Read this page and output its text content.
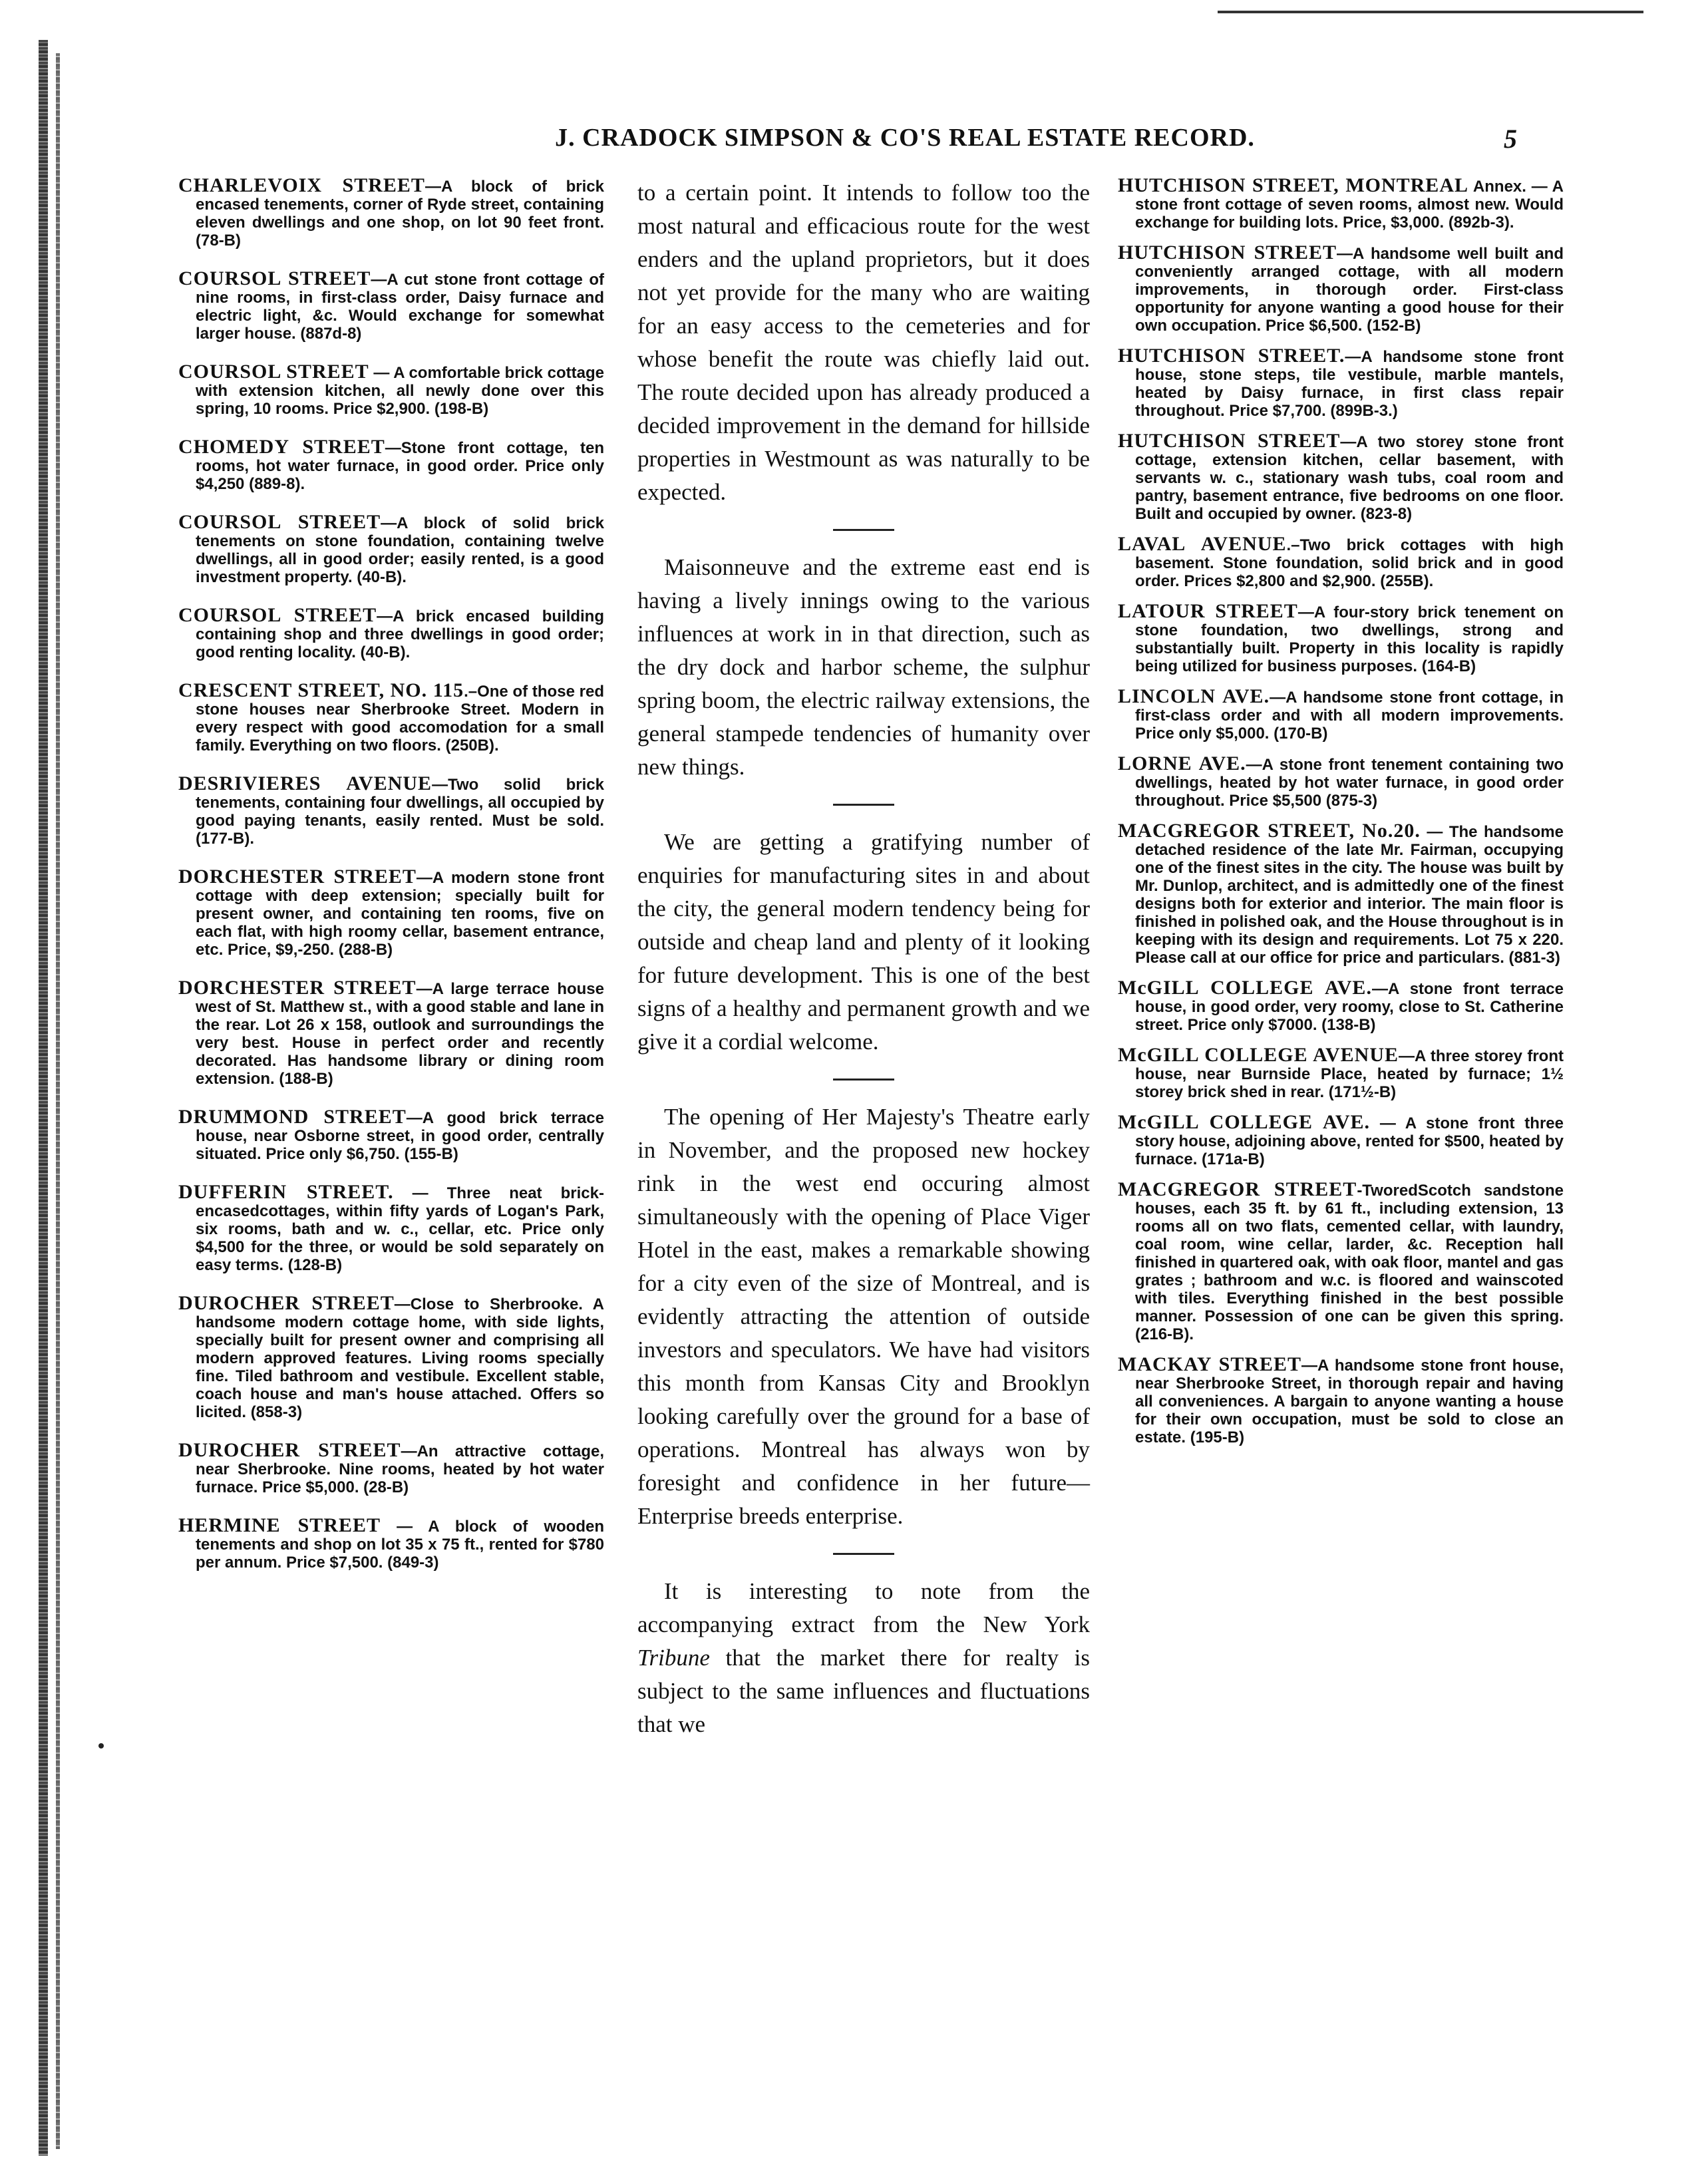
J. CRADOCK SIMPSON & CO'S REAL ESTATE RECORD.	5
CHARLEVOIX STREET—A block of brick encased tenements, corner of Ryde street, containing eleven dwellings and one shop, on lot 90 feet front. (78-B)
COURSOL STREET—A cut stone front cottage of nine rooms, in first-class order, Daisy furnace and electric light, &c. Would exchange for somewhat larger house. (887d-8)
COURSOL STREET — A comfortable brick cottage with extension kitchen, all newly done over this spring, 10 rooms. Price $2,900. (198-B)
CHOMEDY STREET—Stone front cottage, ten rooms, hot water furnace, in good order. Price only $4,250 (889-8).
COURSOL STREET—A block of solid brick tenements on stone foundation, containing twelve dwellings, all in good order; easily rented, is a good investment property. (40-B).
COURSOL STREET—A brick encased building containing shop and three dwellings in good order; good renting locality. (40-B).
CRESCENT STREET, NO. 115.–One of those red stone houses near Sherbrooke Street. Modern in every respect with good accomodation for a small family. Everything on two floors. (250B).
DESRIVIERES AVENUE—Two solid brick tenements, containing four dwellings, all occupied by good paying tenants, easily rented. Must be sold. (177-B).
DORCHESTER STREET—A modern stone front cottage with deep extension; specially built for present owner, and containing ten rooms, five on each flat, with high roomy cellar, basement entrance, etc. Price, $9,-250. (288-B)
DORCHESTER STREET—A large terrace house west of St. Matthew st., with a good stable and lane in the rear. Lot 26 x 158, outlook and surroundings the very best. House in perfect order and recently decorated. Has handsome library or dining room extension. (188-B)
DRUMMOND STREET—A good brick terrace house, near Osborne street, in good order, centrally situated. Price only $6,750. (155-B)
DUFFERIN STREET. — Three neat brick-encasedcottages, within fifty yards of Logan's Park, six rooms, bath and w. c., cellar, etc. Price only $4,500 for the three, or would be sold separately on easy terms. (128-B)
DUROCHER STREET—Close to Sherbrooke. A handsome modern cottage home, with side lights, specially built for present owner and comprising all modern approved features. Living rooms specially fine. Tiled bathroom and vestibule. Excellent stable, coach house and man's house attached. Offers so licited. (858-3)
DUROCHER STREET—An attractive cottage, near Sherbrooke. Nine rooms, heated by hot water furnace. Price $5,000. (28-B)
HERMINE STREET — A block of wooden tenements and shop on lot 35 x 75 ft., rented for $780 per annum. Price $7,500. (849-3)
to a certain point. It intends to follow too the most natural and efficacious route for the west enders and the upland proprietors, but it does not yet provide for the many who are waiting for an easy access to the cemeteries and for whose benefit the route was chiefly laid out. The route decided upon has already produced a decided improvement in the demand for hillside properties in Westmount as was naturally to be expected.
Maisonneuve and the extreme east end is having a lively innings owing to the various influences at work in in that direction, such as the dry dock and harbor scheme, the sulphur spring boom, the electric railway extensions, the general stampede tendencies of humanity over new things.
We are getting a gratifying number of enquiries for manufacturing sites in and about the city, the general modern tendency being for outside and cheap land and plenty of it looking for future development. This is one of the best signs of a healthy and permanent growth and we give it a cordial welcome.
The opening of Her Majesty's Theatre early in November, and the proposed new hockey rink in the west end occuring almost simultaneously with the opening of Place Viger Hotel in the east, makes a remarkable showing for a city even of the size of Montreal, and is evidently attracting the attention of outside investors and speculators. We have had visitors this month from Kansas City and Brooklyn looking carefully over the ground for a base of operations. Montreal has always won by foresight and confidence in her future—Enterprise breeds enterprise.
It is interesting to note from the accompanying extract from the New York Tribune that the market there for realty is subject to the same influences and fluctuations that we
HUTCHISON STREET, MONTREAL Annex. — A stone front cottage of seven rooms, almost new. Would exchange for building lots. Price, $3,000. (892b-3).
HUTCHISON STREET—A handsome well built and conveniently arranged cottage, with all modern improvements, in thorough order. First-class opportunity for anyone wanting a good house for their own occupation. Price $6,500. (152-B)
HUTCHISON STREET.—A handsome stone front house, stone steps, tile vestibule, marble mantels, heated by Daisy furnace, in first class repair throughout. Price $7,700. (899B-3.)
HUTCHISON STREET—A two storey stone front cottage, extension kitchen, cellar basement, with servants w. c., stationary wash tubs, coal room and pantry, basement entrance, five bedrooms on one floor. Built and occupied by owner. (823-8)
LAVAL AVENUE.–Two brick cottages with high basement. Stone foundation, solid brick and in good order. Prices $2,800 and $2,900. (255B).
LATOUR STREET—A four-story brick tenement on stone foundation, two dwellings, strong and substantially built. Property in this locality is rapidly being utilized for business purposes. (164-B)
LINCOLN AVE.—A handsome stone front cottage, in first-class order and with all modern improvements. Price only $5,000. (170-B)
LORNE AVE.—A stone front tenement containing two dwellings, heated by hot water furnace, in good order throughout. Price $5,500 (875-3)
MACGREGOR STREET, No.20. — The handsome detached residence of the late Mr. Fairman, occupying one of the finest sites in the city. The house was built by Mr. Dunlop, architect, and is admittedly one of the finest designs both for exterior and interior. The main floor is finished in polished oak, and the House throughout is in keeping with its design and requirements. Lot 75 x 220. Please call at our office for price and particulars. (881-3)
McGILL COLLEGE AVE.—A stone front terrace house, in good order, very roomy, close to St. Catherine street. Price only $7000. (138-B)
McGILL COLLEGE AVENUE—A three storey front house, near Burnside Place, heated by furnace; 1½ storey brick shed in rear. (171½-B)
McGILL COLLEGE AVE. — A stone front three story house, adjoining above, rented for $500, heated by furnace. (171a-B)
MACGREGOR STREET-TworedScotch sandstone houses, each 35 ft. by 61 ft., including extension, 13 rooms all on two flats, cemented cellar, with laundry, coal room, wine cellar, larder, &c. Reception hall finished in quartered oak, with oak floor, mantel and gas grates ; bathroom and w.c. is floored and wainscoted with tiles. Everything finished in the best possible manner. Possession of one can be given this spring. (216-B).
MACKAY STREET—A handsome stone front house, near Sherbrooke Street, in thorough repair and having all conveniences. A bargain to anyone wanting a house for their own occupation, must be sold to close an estate. (195-B)
